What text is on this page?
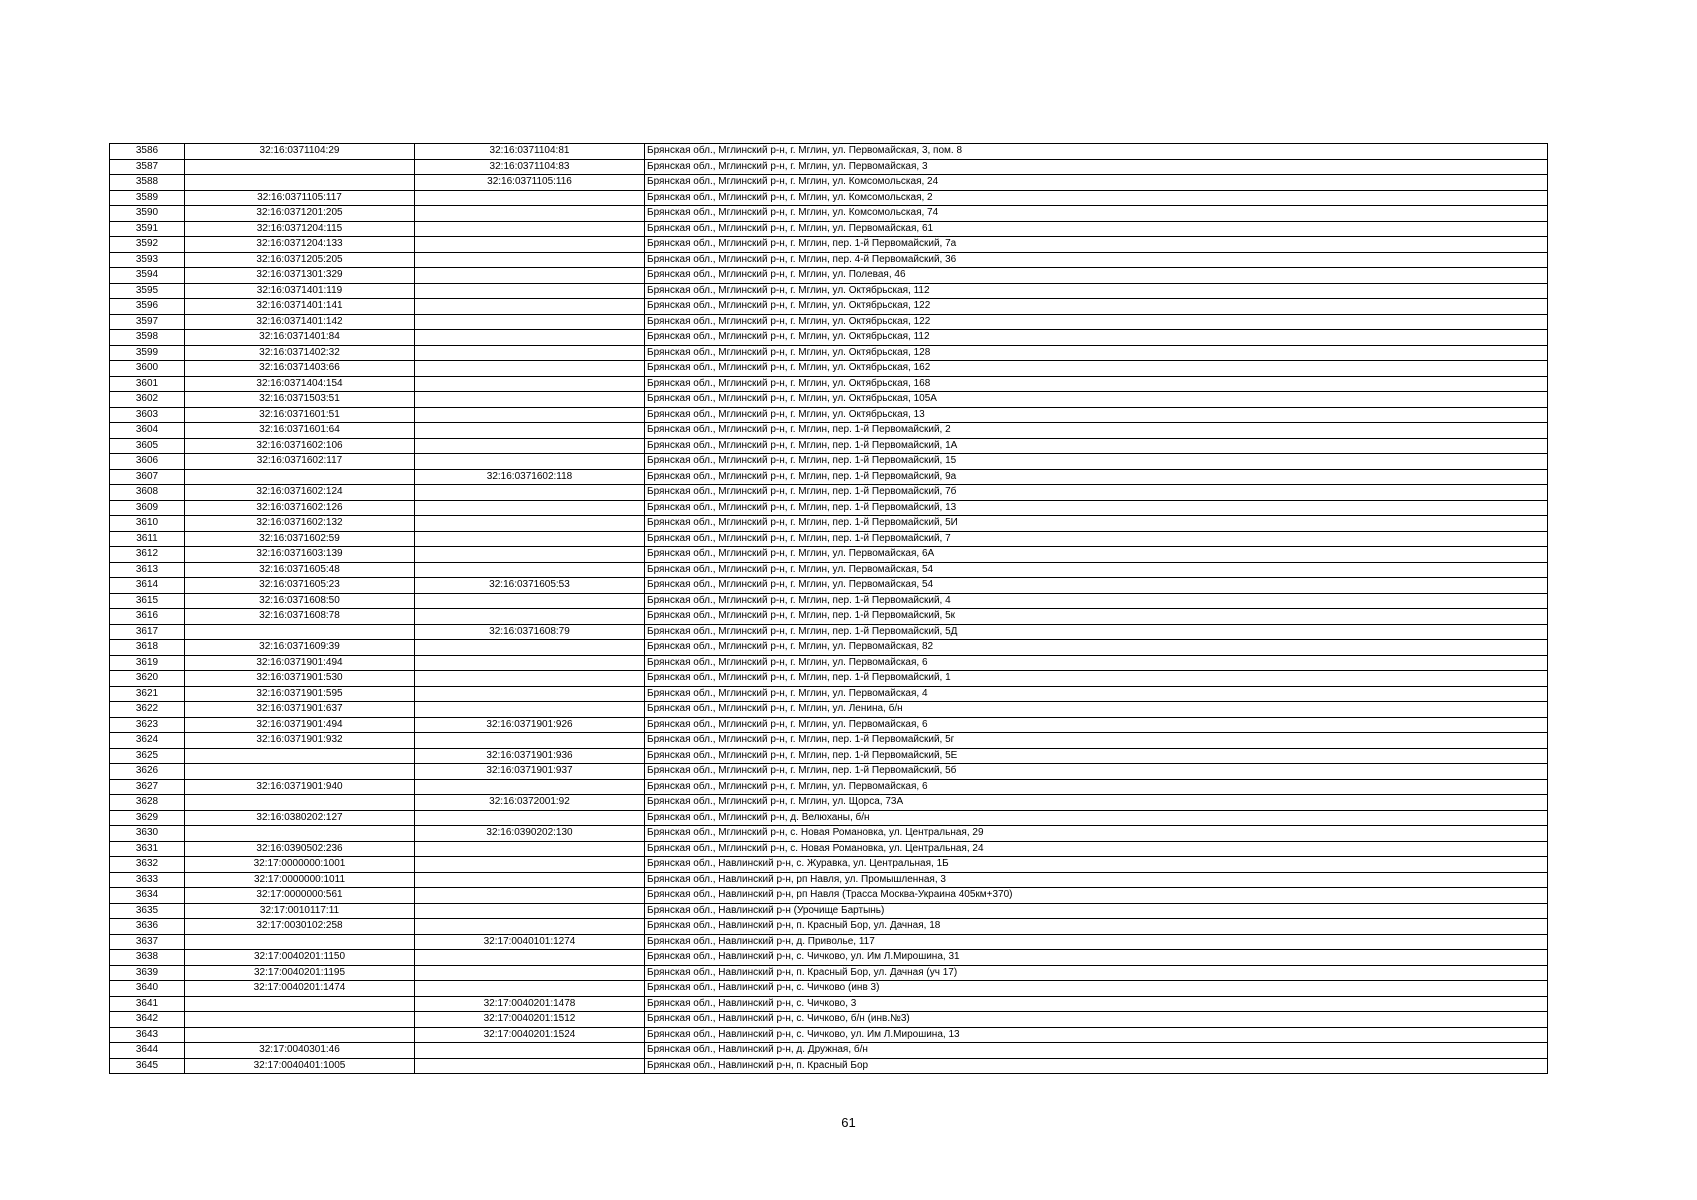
3586	32:16:0371104:29	32:16:0371104:81	Брянская обл., Мглинский р-н, г. Мглин, ул. Первомайская, 3, пом. 8
3587		32:16:0371104:83	Брянская обл., Мглинский р-н, г. Мглин, ул. Первомайская, 3
3588		32:16:0371105:116	Брянская обл., Мглинский р-н, г. Мглин, ул. Комсомольская, 24
3589	32:16:0371105:117		Брянская обл., Мглинский р-н, г. Мглин, ул. Комсомольская, 2
3590	32:16:0371201:205		Брянская обл., Мглинский р-н, г. Мглин, ул. Комсомольская, 74
3591	32:16:0371204:115		Брянская обл., Мглинский р-н, г. Мглин, ул. Первомайская, 61
3592	32:16:0371204:133		Брянская обл., Мглинский р-н, г. Мглин, пер. 1-й Первомайский, 7а
3593	32:16:0371205:205		Брянская обл., Мглинский р-н, г. Мглин, пер. 4-й Первомайский, 36
3594	32:16:0371301:329		Брянская обл., Мглинский р-н, г. Мглин, ул. Полевая, 46
3595	32:16:0371401:119		Брянская обл., Мглинский р-н, г. Мглин, ул. Октябрьская, 112
3596	32:16:0371401:141		Брянская обл., Мглинский р-н, г. Мглин, ул. Октябрьская, 122
3597	32:16:0371401:142		Брянская обл., Мглинский р-н, г. Мглин, ул. Октябрьская, 122
3598	32:16:0371401:84		Брянская обл., Мглинский р-н, г. Мглин, ул. Октябрьская, 112
3599	32:16:0371402:32		Брянская обл., Мглинский р-н, г. Мглин, ул. Октябрьская, 128
3600	32:16:0371403:66		Брянская обл., Мглинский р-н, г. Мглин, ул. Октябрьская, 162
3601	32:16:0371404:154		Брянская обл., Мглинский р-н, г. Мглин, ул. Октябрьская, 168
3602	32:16:0371503:51		Брянская обл., Мглинский р-н, г. Мглин, ул. Октябрьская, 105А
3603	32:16:0371601:51		Брянская обл., Мглинский р-н, г. Мглин, ул. Октябрьская, 13
3604	32:16:0371601:64		Брянская обл., Мглинский р-н, г. Мглин, пер. 1-й Первомайский, 2
3605	32:16:0371602:106		Брянская обл., Мглинский р-н, г. Мглин, пер. 1-й Первомайский, 1А
3606	32:16:0371602:117		Брянская обл., Мглинский р-н, г. Мглин, пер. 1-й Первомайский, 15
3607		32:16:0371602:118	Брянская обл., Мглинский р-н, г. Мглин, пер. 1-й Первомайский, 9а
3608	32:16:0371602:124		Брянская обл., Мглинский р-н, г. Мглин, пер. 1-й Первомайский, 7б
3609	32:16:0371602:126		Брянская обл., Мглинский р-н, г. Мглин, пер. 1-й Первомайский, 13
3610	32:16:0371602:132		Брянская обл., Мглинский р-н, г. Мглин, пер. 1-й Первомайский, 5И
3611	32:16:0371602:59		Брянская обл., Мглинский р-н, г. Мглин, пер. 1-й Первомайский, 7
3612	32:16:0371603:139		Брянская обл., Мглинский р-н, г. Мглин, ул. Первомайская, 6А
3613	32:16:0371605:48		Брянская обл., Мглинский р-н, г. Мглин, ул. Первомайская, 54
3614	32:16:0371605:23	32:16:0371605:53	Брянская обл., Мглинский р-н, г. Мглин, ул. Первомайская, 54
3615	32:16:0371608:50		Брянская обл., Мглинский р-н, г. Мглин, пер. 1-й Первомайский, 4
3616	32:16:0371608:78		Брянская обл., Мглинский р-н, г. Мглин, пер. 1-й Первомайский, 5к
3617		32:16:0371608:79	Брянская обл., Мглинский р-н, г. Мглин, пер. 1-й Первомайский, 5Д
3618	32:16:0371609:39		Брянская обл., Мглинский р-н, г. Мглин, ул. Первомайская, 82
3619	32:16:0371901:494		Брянская обл., Мглинский р-н, г. Мглин, ул. Первомайская, 6
3620	32:16:0371901:530		Брянская обл., Мглинский р-н, г. Мглин, пер. 1-й Первомайский, 1
3621	32:16:0371901:595		Брянская обл., Мглинский р-н, г. Мглин, ул. Первомайская, 4
3622	32:16:0371901:637		Брянская обл., Мглинский р-н, г. Мглин, ул. Ленина, б/н
3623	32:16:0371901:494	32:16:0371901:926	Брянская обл., Мглинский р-н, г. Мглин, ул. Первомайская, 6
3624	32:16:0371901:932		Брянская обл., Мглинский р-н, г. Мглин, пер. 1-й Первомайский, 5г
3625		32:16:0371901:936	Брянская обл., Мглинский р-н, г. Мглин, пер. 1-й Первомайский, 5Е
3626		32:16:0371901:937	Брянская обл., Мглинский р-н, г. Мглин, пер. 1-й Первомайский, 5б
3627	32:16:0371901:940		Брянская обл., Мглинский р-н, г. Мглин, ул. Первомайская, 6
3628		32:16:0372001:92	Брянская обл., Мглинский р-н, г. Мглин, ул. Щорса, 73А
3629	32:16:0380202:127		Брянская обл., Мглинский р-н, д. Велюханы, б/н
3630		32:16:0390202:130	Брянская обл., Мглинский р-н, с. Новая Романовка, ул. Центральная, 29
3631	32:16:0390502:236		Брянская обл., Мглинский р-н, с. Новая Романовка, ул. Центральная, 24
3632	32:17:0000000:1001		Брянская обл., Навлинский р-н, с. Журавка, ул. Центральная, 1Б
3633	32:17:0000000:1011		Брянская обл., Навлинский р-н, рп Навля, ул. Промышленная, 3
3634	32:17:0000000:561		Брянская обл., Навлинский р-н, рп Навля (Трасса Москва-Украина 405км+370)
3635	32:17:0010117:11		Брянская обл., Навлинский р-н (Урочище Бартынь)
3636	32:17:0030102:258		Брянская обл., Навлинский р-н, п. Красный Бор, ул. Дачная, 18
3637		32:17:0040101:1274	Брянская обл., Навлинский р-н, д. Приволье, 117
3638	32:17:0040201:1150		Брянская обл., Навлинский р-н, с. Чичково, ул. Им Л.Мирошина, 31
3639	32:17:0040201:1195		Брянская обл., Навлинский р-н, п. Красный Бор, ул. Дачная (уч 17)
3640	32:17:0040201:1474		Брянская обл., Навлинский р-н, с. Чичково (инв 3)
3641		32:17:0040201:1478	Брянская обл., Навлинский р-н, с. Чичково, 3
3642		32:17:0040201:1512	Брянская обл., Навлинский р-н, с. Чичково, б/н (инв.№3)
3643		32:17:0040201:1524	Брянская обл., Навлинский р-н, с. Чичково, ул. Им Л.Мирошина, 13
3644	32:17:0040301:46		Брянская обл., Навлинский р-н, д. Дружная, б/н
3645	32:17:0040401:1005		Брянская обл., Навлинский р-н, п. Красный Бор
61
